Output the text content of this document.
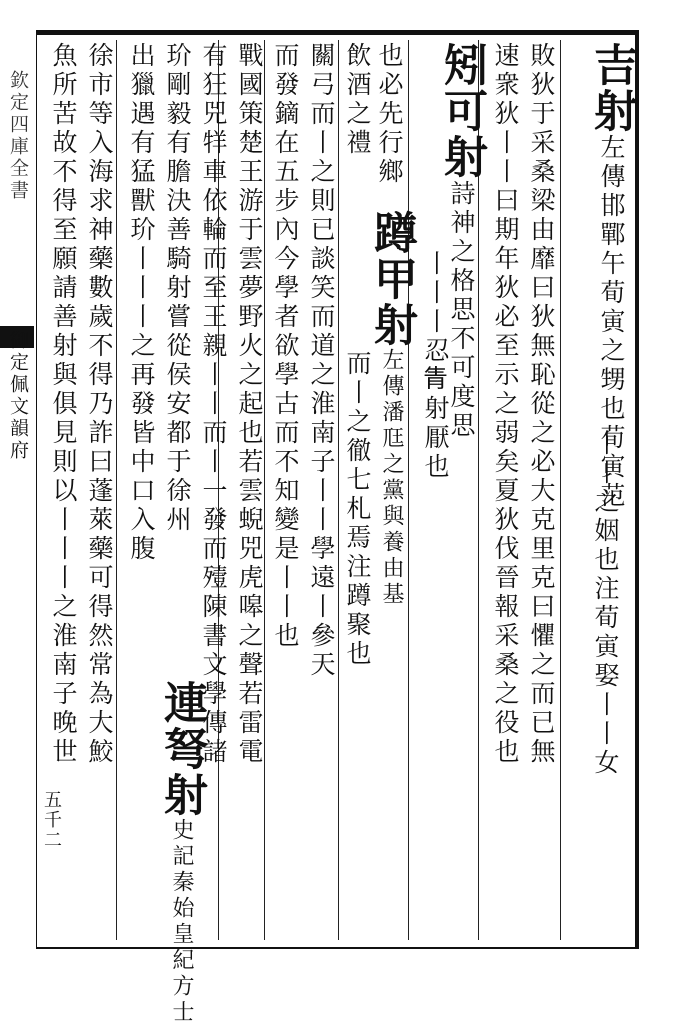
欽定四庫全書
御定佩文韻府
五千二
吉射左傳邯鄲午荀寅之甥也荀寅范
丨丨之姻也注荀寅娶丨丨女
敗狄于采桑梁由靡曰狄無恥從之必大克里克曰懼之而已無
速衆狄丨丨曰期年狄必至示之弱矣夏狄伐晉報采桑之役也
矧可射詩神之格思不可度思
丨丨丨忍𤯝射厭也
也必先行鄉
飲酒之禮
蹲甲射左傳潘尫之黨與養由基
而丨之徹七札焉注蹲聚也
關弓而丨之則已談笑而道之淮南子丨丨學遠丨參天
而發鏑在五步內今學者欲學古而不知變是丨丨也
戰國策楚王游于雲夢野火之起也若雲蜺兕虎嗥之聲若雷電
有狂兕䍧車依輪而至王親丨丨而丨一發而殪陳書文學傳諸
玠剛毅有膽決善騎射嘗從侯安都于徐州
出獵遇有猛獸玠丨丨丨之再發皆中口入腹
連弩射史記秦始皇紀方士
徐市等入海求神藥數歲不得乃詐曰蓬萊藥可得然常為大鮫
魚所苦故不得至願請善射與俱見則以丨丨丨之淮南子晚世
